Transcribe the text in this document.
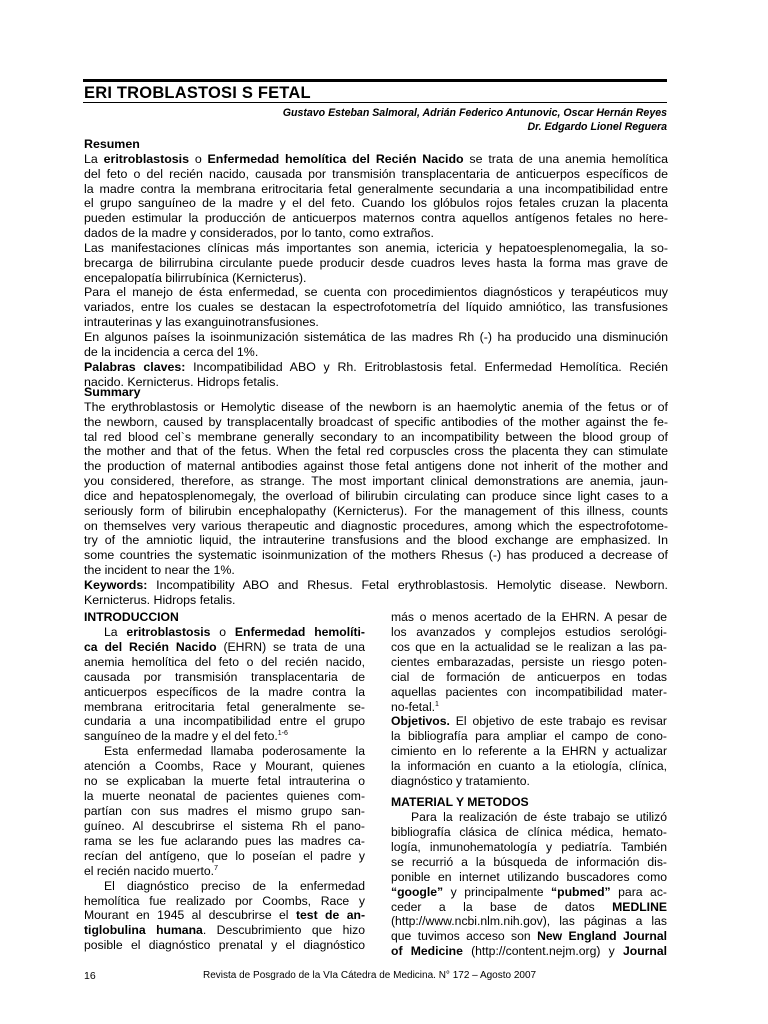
ERI TROBLASTOSI S FETAL
Gustavo Esteban Salmoral, Adrián Federico Antunovic, Oscar Hernán Reyes
Dr. Edgardo Lionel Reguera
Resumen
La eritroblastosis o Enfermedad hemolítica del Recién Nacido se trata de una anemia hemolítica
del feto o del recién nacido, causada por transmisión transplacentaria de anticuerpos específicos de
la madre contra la membrana eritrocitaria fetal generalmente secundaria a una incompatibilidad entre
el grupo sanguíneo de la madre y el del feto. Cuando los glóbulos rojos fetales cruzan la placenta
pueden estimular la producción de anticuerpos maternos contra aquellos antígenos fetales no here-
dados de la madre y considerados, por lo tanto, como extraños.
Las manifestaciones clínicas más importantes son anemia, ictericia y hepatoesplenomegalia, la so-
brecarga de bilirrubina circulante puede producir desde cuadros leves hasta la forma mas grave de
encepalopatía bilirrubínica (Kernicterus).
Para el manejo de ésta enfermedad, se cuenta con procedimientos diagnósticos y terapéuticos muy
variados, entre los cuales se destacan la espectrofotometría del líquido amniótico, las transfusiones
intrauterinas y las exanguinotransfusiones.
En algunos países la isoinmunización sistemática de las madres Rh (-) ha producido una disminución
de la incidencia a cerca del 1%.
Palabras claves: Incompatibilidad ABO y Rh. Eritroblastosis fetal. Enfermedad Hemolítica. Recién
nacido. Kernicterus. Hidrops fetalis.
Summary
The erythroblastosis or Hemolytic disease of the newborn is an haemolytic anemia of the fetus or of
the newborn, caused by transplacentally broadcast of specific antibodies of the mother against the fe-
tal red blood cel`s membrane generally secondary to an incompatibility between the blood group of
the mother and that of the fetus. When the fetal red corpuscles cross the placenta they can stimulate
the production of maternal antibodies against those fetal antigens done not inherit of the mother and
you considered, therefore, as strange. The most important clinical demonstrations are anemia, jaun-
dice and hepatosplenomegaly, the overload of bilirubin circulating can produce since light cases to a
seriously form of bilirubin encephalopathy (Kernicterus). For the management of this illness, counts
on themselves very various therapeutic and diagnostic procedures, among which the espectrofotome-
try of the amniotic liquid, the intrauterine transfusions and the blood exchange are emphasized. In
some countries the systematic isoinmunization of the mothers Rhesus (-) has produced a decrease of
the incident to near the 1%.
Keywords: Incompatibility ABO and Rhesus. Fetal erythroblastosis. Hemolytic disease. Newborn.
Kernicterus. Hidrops fetalis.
INTRODUCCION
La eritroblastosis o Enfermedad hemolíti-
ca del Recién Nacido (EHRN) se trata de una
anemia hemolítica del feto o del recién nacido,
causada por transmisión transplacentaria de
anticuerpos específicos de la madre contra la
membrana eritrocitaria fetal generalmente se-
cundaria a una incompatibilidad entre el grupo
sanguíneo de la madre y el del feto.$^{1-6}$
Esta enfermedad llamaba poderosamente la
atención a Coombs, Race y Mourant, quienes
no se explicaban la muerte fetal intrauterina o
la muerte neonatal de pacientes quienes com-
partían con sus madres el mismo grupo san-
guíneo. Al descubrirse el sistema Rh el pano-
rama se les fue aclarando pues las madres ca-
recían del antígeno, que lo poseían el padre y
el recién nacido muerto.$^7$
El diagnóstico preciso de la enfermedad
hemolítica fue realizado por Coombs, Race y
Mourant en 1945 al descubrirse el test de an-
tiglobulina humana. Descubrimiento que hizo
posible el diagnóstico prenatal y el diagnóstico
más o menos acertado de la EHRN. A pesar de
los avanzados y complejos estudios serológi-
cos que en la actualidad se le realizan a las pa-
cientes embarazadas, persiste un riesgo poten-
cial de formación de anticuerpos en todas
aquellas pacientes con incompatibilidad mater-
no-fetal.$^1$
Objetivos. El objetivo de este trabajo es revisar
la bibliografía para ampliar el campo de cono-
cimiento en lo referente a la EHRN y actualizar
la información en cuanto a la etiología, clínica,
diagnóstico y tratamiento.
MATERIAL Y METODOS
Para la realización de éste trabajo se utilizó
bibliografía clásica de clínica médica, hemato-
logía, inmunohematología y pediatría. También
se recurrió a la búsqueda de información dis-
ponible en internet utilizando buscadores como
“google” y principalmente “pubmed” para ac-
ceder a la base de datos MEDLINE
(http://www.ncbi.nlm.nih.gov), las páginas a las
que tuvimos acceso son New England Journal
of Medicine (http://content.nejm.org) y Journal
16	Revista de Posgrado de la VIa Cátedra de Medicina. N° 172 – Agosto 2007
